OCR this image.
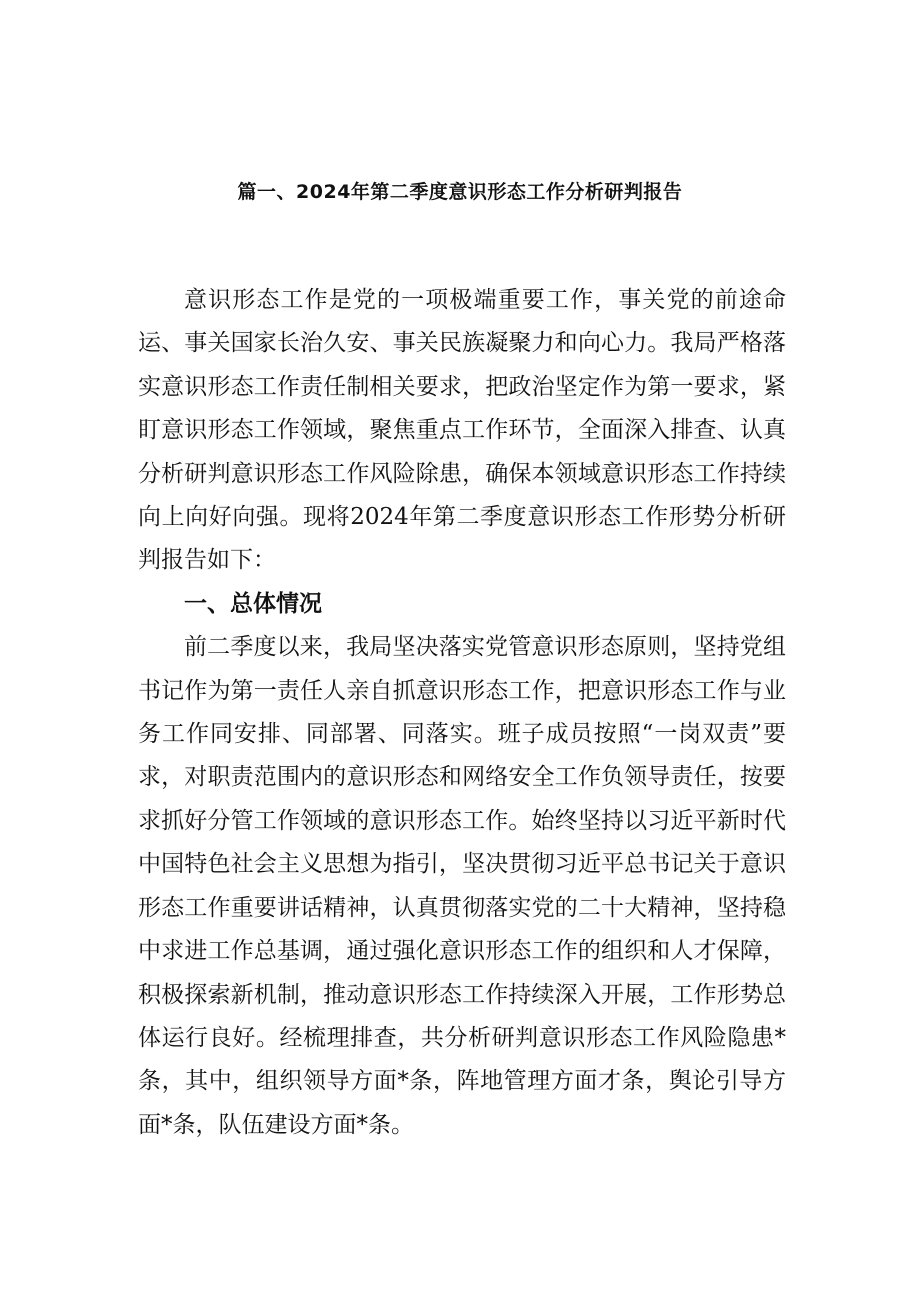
篇一、2024年第二季度意识形态工作分析研判报告

意识形态工作是党的一项极端重要工作，事关党的前途命运、事关国家长治久安、事关民族凝聚力和向心力。我局严格落实意识形态工作责任制相关要求，把政治坚定作为第一要求，紧盯意识形态工作领域，聚焦重点工作环节，全面深入排查、认真分析研判意识形态工作风险除患，确保本领域意识形态工作持续向上向好向强。现将2024年第二季度意识形态工作形势分析研判报告如下：

一、总体情况

前二季度以来，我局坚决落实党管意识形态原则，坚持党组书记作为第一责任人亲自抓意识形态工作，把意识形态工作与业务工作同安排、同部署、同落实。班子成员按照“一岗双责”要求，对职责范围内的意识形态和网络安全工作负领导责任，按要求抓好分管工作领域的意识形态工作。始终坚持以习近平新时代中国特色社会主义思想为指引，坚决贯彻习近平总书记关于意识形态工作重要讲话精神，认真贯彻落实党的二十大精神，坚持稳中求进工作总基调，通过强化意识形态工作的组织和人才保障，积极探索新机制，推动意识形态工作持续深入开展，工作形势总体运行良好。经梳理排查，共分析研判意识形态工作风险隐患*条，其中，组织领导方面*条，阵地管理方面才条，舆论引导方面*条，队伍建设方面*条。
